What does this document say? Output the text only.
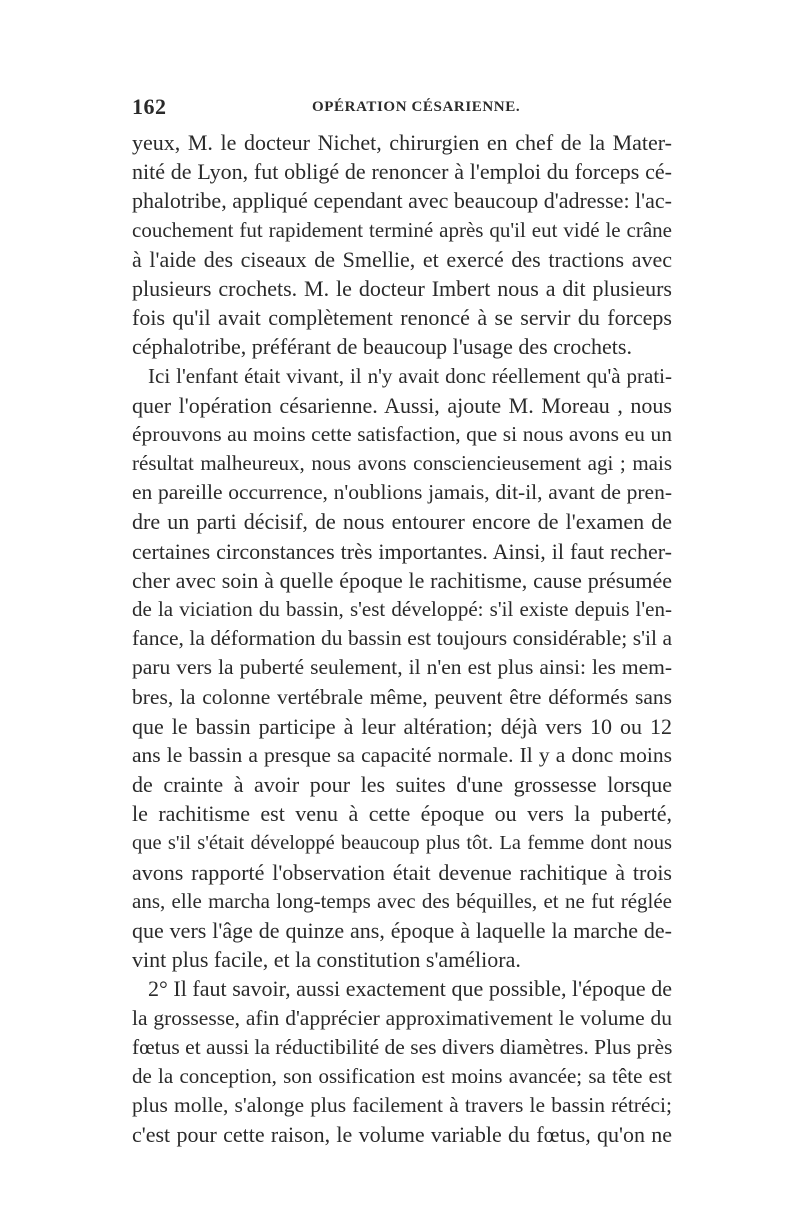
162	OPÉRATION CÉSARIENNE.
yeux, M. le docteur Nichet, chirurgien en chef de la Mater-
nité de Lyon, fut obligé de renoncer à l'emploi du forceps cé-
phalotribe, appliqué cependant avec beaucoup d'adresse: l'ac-
couchement fut rapidement terminé après qu'il eut vidé le crâne
à l'aide des ciseaux de Smellie, et exercé des tractions avec
plusieurs crochets. M. le docteur Imbert nous a dit plusieurs
fois qu'il avait complètement renoncé à se servir du forceps
céphalotribe, préférant de beaucoup l'usage des crochets.
Ici l'enfant était vivant, il n'y avait donc réellement qu'à prati-
quer l'opération césarienne. Aussi, ajoute M. Moreau , nous
éprouvons au moins cette satisfaction, que si nous avons eu un
résultat malheureux, nous avons consciencieusement agi ; mais
en pareille occurrence, n'oublions jamais, dit-il, avant de pren-
dre un parti décisif, de nous entourer encore de l'examen de
certaines circonstances très importantes. Ainsi, il faut recher-
cher avec soin à quelle époque le rachitisme, cause présumée
de la viciation du bassin, s'est développé: s'il existe depuis l'en-
fance, la déformation du bassin est toujours considérable; s'il a
paru vers la puberté seulement, il n'en est plus ainsi: les mem-
bres, la colonne vertébrale même, peuvent être déformés sans
que le bassin participe à leur altération; déjà vers 10 ou 12
ans le bassin a presque sa capacité normale. Il y a donc moins
de crainte à avoir pour les suites d'une grossesse lorsque
le rachitisme est venu à cette époque ou vers la puberté,
que s'il s'était développé beaucoup plus tôt. La femme dont nous
avons rapporté l'observation était devenue rachitique à trois
ans, elle marcha long-temps avec des béquilles, et ne fut réglée
que vers l'âge de quinze ans, époque à laquelle la marche de-
vint plus facile, et la constitution s'améliora.
2° Il faut savoir, aussi exactement que possible, l'époque de
la grossesse, afin d'apprécier approximativement le volume du
fœtus et aussi la réductibilité de ses divers diamètres. Plus près
de la conception, son ossification est moins avancée; sa tête est
plus molle, s'alonge plus facilement à travers le bassin rétréci;
c'est pour cette raison, le volume variable du fœtus, qu'on ne
